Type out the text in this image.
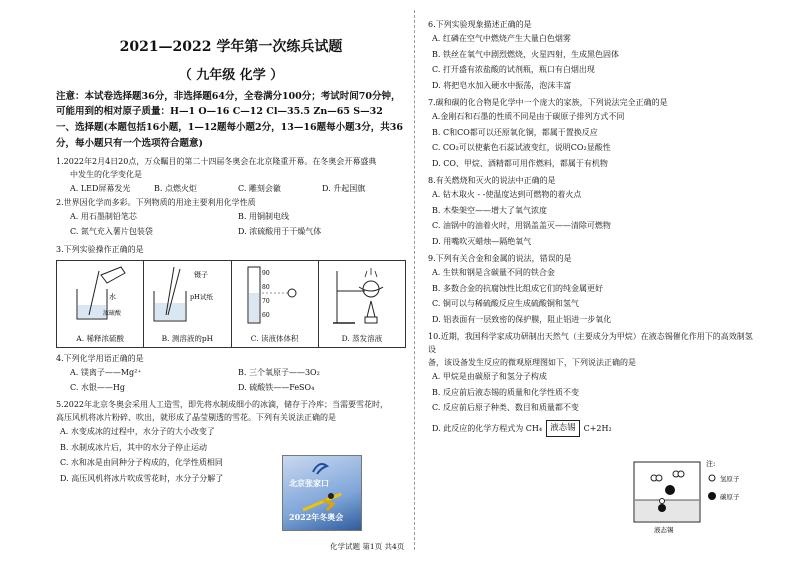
2021—2022 学年第一次练兵试题
（ 九年级 化学 ）
注意：本试卷选择题36分，非选择题64分，全卷满分100分；考试时间70分钟，
可能用到的相对原子质量：H—1 O—16 C—12 Cl—35.5 Zn—65 S—32
一、选择题(本题包括16小题，1—12题每小题2分，13—16题每小题3分，共36
分，每小题只有一个选项符合题意)
1.2022年2月4日20点，万众瞩目的第二十四届冬奥会在北京隆重开幕。在冬奥会开幕盛典
中发生的化学变化是
A. LED屏幕发光	B. 点燃火炬	C. 雕刻会徽	D. 升起国旗
2.世界因化学而多彩。下列物质的用途主要利用化学性质
A. 用石墨制铅笔芯	B. 用铜制电线
C. 氮气充入薯片包装袋	D. 浓硫酸用于干燥气体
3.下列实验操作正确的是
水
浓硫酸
A. 稀释浓硫酸
镊子
pH试纸
B. 测溶液的pH
90
80
70
60
C. 读液体体积	D. 蒸发溶液
4.下列化学用语正确的是
A. 镁离子——Mg²⁺	B. 三个氧原子——3O₂
C. 水银——Hg	D. 硫酸铁——FeSO₄
5.2022年北京冬奥会采用人工造雪，即先将水制成细小的冰滴，储存于冷库；当需要雪花时，
高压风机将冰片粉碎、吹出，就形成了晶莹剔透的雪花。下列有关说法正确的是
A. 水变成冰的过程中，水分子的大小改变了
B. 水制成冰片后，其中的水分子停止运动
C. 水和冰是由同种分子构成的，化学性质相同
D. 高压风机将冰片吹成雪花时，水分子分解了	北京张家口
2022年冬奥会
6.下列实验现象描述正确的是
A. 红磷在空气中燃烧产生大量白色烟雾
B. 铁丝在氧气中剧烈燃烧，火星四射，生成黑色固体
C. 打开盛有浓盐酸的试剂瓶，瓶口有白烟出现
D. 将把皂水加入硬水中振荡，泡沫丰富
7.碳和碳的化合物是化学中一个庞大的家族，下列说法完全正确的是
A.金刚石和石墨的性质不同是由于碳原子排列方式不同
B. C和CO都可以还原氧化铜，都属于置换反应
C. CO₂可以使紫色石蕊试液变红，说明CO₂显酸性
D. CO、甲烷、酒精都可用作燃料，都属于有机物
8.有关燃烧和灭火的说法中正确的是
A. 钻木取火 - -使温度达到可燃物的着火点
B. 木柴架空——增大了氧气浓度
C. 油锅中的油着火时，用锅盖盖灭——清除可燃物
D. 用嘴吹灭蜡烛—隔绝氧气
9.下列有关合金和金属的说法，错误的是
A. 生铁和钢是含碳量不同的铁合金
B. 多数合金的抗腐蚀性比组成它们的纯金属更好
C. 铜可以与稀硫酸反应生成硫酸铜和氢气
D. 铝表面有一层致密的保护膜，阻止铝进一步氧化
10.近期，我国科学家成功研制出天然气（主要成分为甲烷）在液态锡催化作用下的高效制氢设
备，该设备发生反应的微观原理图如下，下列说法正确的是
A. 甲烷是由碳原子和氢分子构成
B. 反应前后液态锡的质量和化学性质不变
C. 反应前后原子种类、数目和质量都不变
D. 此反应的化学方程式为 CH₄ 液态锡	C+2H₂
液态锡
注:
氢原子
碳原子
化学试题 第1页 共4页
